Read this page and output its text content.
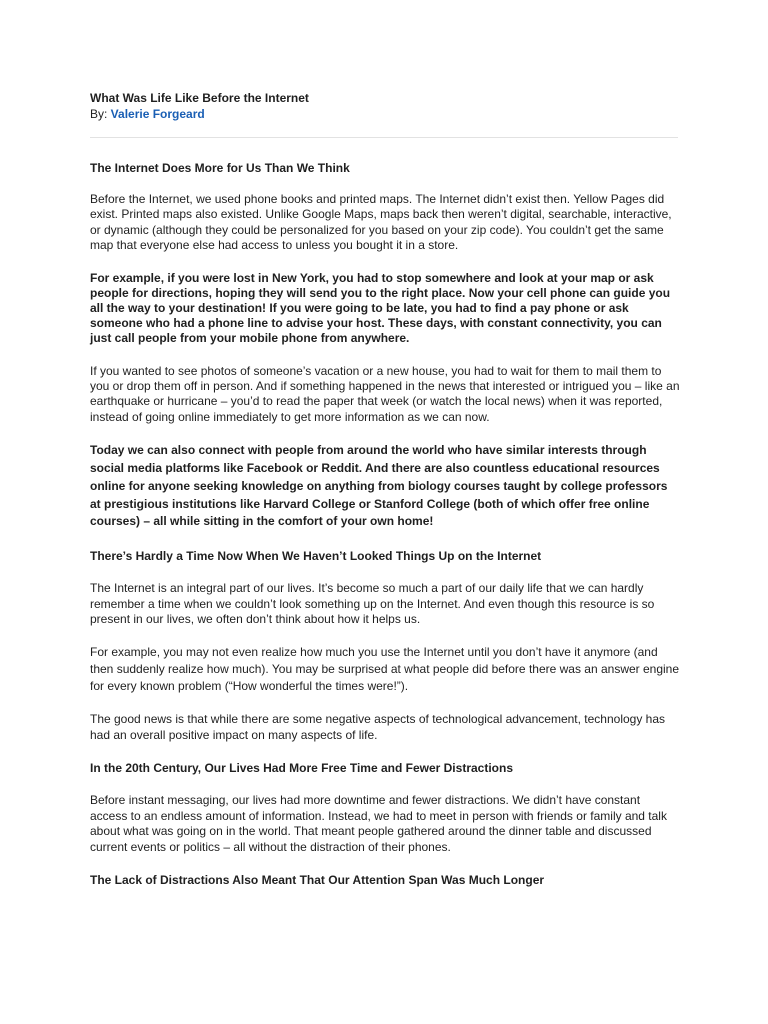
What Was Life Like Before the Internet

By: Valerie Forgeard

The Internet Does More for Us Than We Think

Before the Internet, we used phone books and printed maps. The Internet didn’t exist then. Yellow Pages did exist. Printed maps also existed. Unlike Google Maps, maps back then weren’t digital, searchable, interactive, or dynamic (although they could be personalized for you based on your zip code). You couldn’t get the same map that everyone else had access to unless you bought it in a store.

For example, if you were lost in New York, you had to stop somewhere and look at your map or ask people for directions, hoping they will send you to the right place. Now your cell phone can guide you all the way to your destination! If you were going to be late, you had to find a pay phone or ask someone who had a phone line to advise your host. These days, with constant connectivity, you can just call people from your mobile phone from anywhere.

If you wanted to see photos of someone’s vacation or a new house, you had to wait for them to mail them to you or drop them off in person. And if something happened in the news that interested or intrigued you – like an earthquake or hurricane – you’d to read the paper that week (or watch the local news) when it was reported, instead of going online immediately to get more information as we can now.

Today we can also connect with people from around the world who have similar interests through social media platforms like Facebook or Reddit. And there are also countless educational resources online for anyone seeking knowledge on anything from biology courses taught by college professors at prestigious institutions like Harvard College or Stanford College (both of which offer free online courses) – all while sitting in the comfort of your own home!

There’s Hardly a Time Now When We Haven’t Looked Things Up on the Internet

The Internet is an integral part of our lives. It’s become so much a part of our daily life that we can hardly remember a time when we couldn’t look something up on the Internet. And even though this resource is so present in our lives, we often don’t think about how it helps us.

For example, you may not even realize how much you use the Internet until you don’t have it anymore (and then suddenly realize how much). You may be surprised at what people did before there was an answer engine for every known problem (“How wonderful the times were!”).

The good news is that while there are some negative aspects of technological advancement, technology has had an overall positive impact on many aspects of life.

In the 20th Century, Our Lives Had More Free Time and Fewer Distractions

Before instant messaging, our lives had more downtime and fewer distractions. We didn’t have constant access to an endless amount of information. Instead, we had to meet in person with friends or family and talk about what was going on in the world. That meant people gathered around the dinner table and discussed current events or politics – all without the distraction of their phones.

The Lack of Distractions Also Meant That Our Attention Span Was Much Longer
